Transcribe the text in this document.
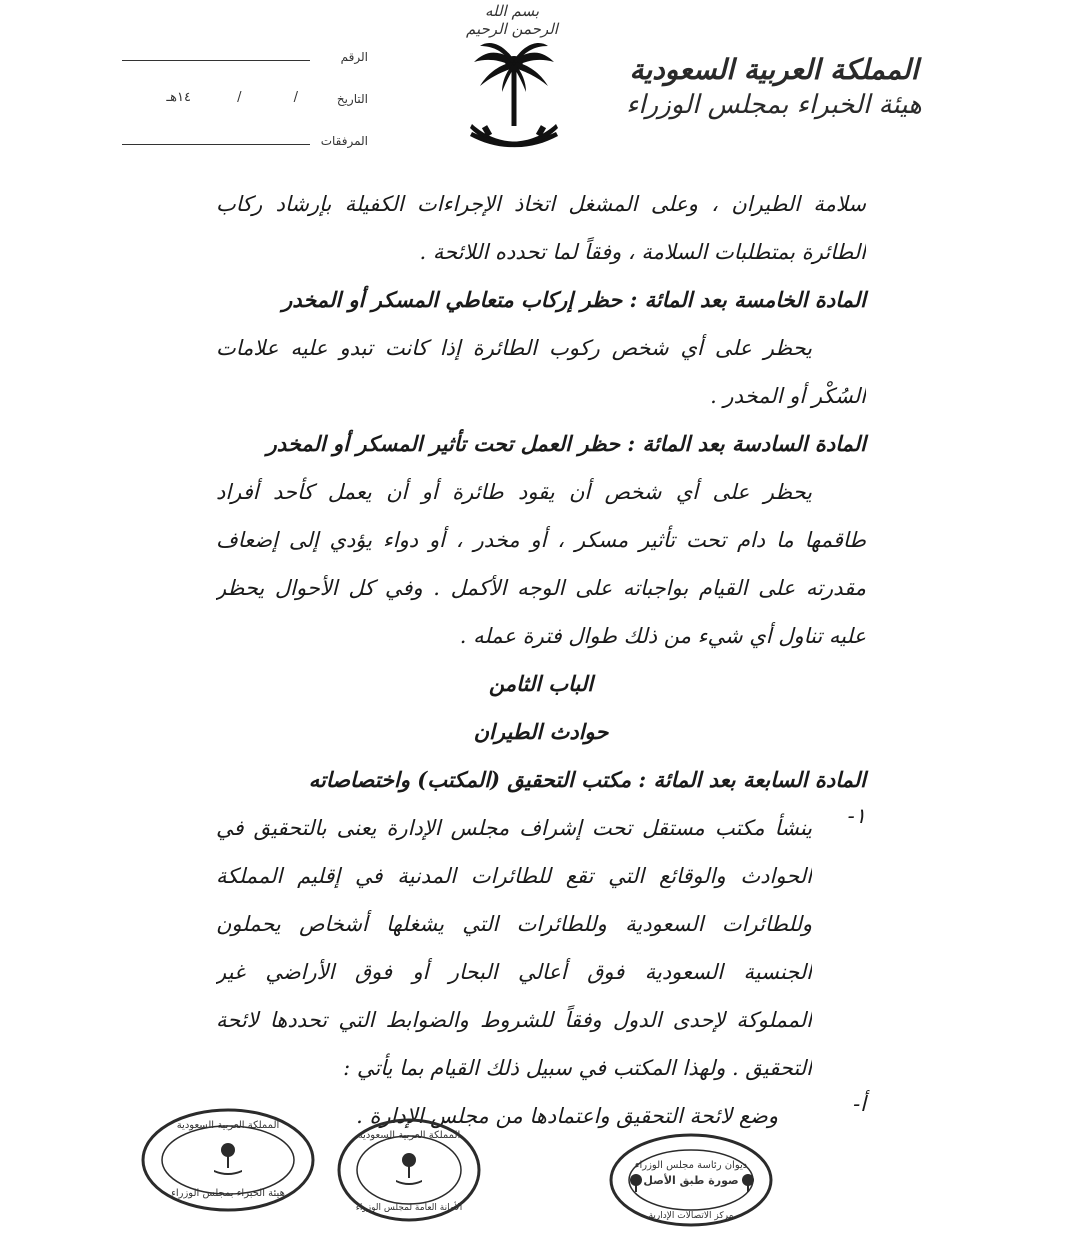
بسم الله الرحمن الرحيم
المملكة العربية السعودية
هيئة الخبراء بمجلس الوزراء
الرقم
التاريخ
/ / ١٤هـ
المرفقات
سلامة الطيران ، وعلى المشغل اتخاذ الإجراءات الكفيلة بإرشاد ركاب
الطائرة بمتطلبات السلامة ، وفقاً لما تحدده اللائحة .
المادة الخامسة بعد المائة : حظر إركاب متعاطي المسكر أو المخدر
يحظر على أي شخص ركوب الطائرة إذا كانت تبدو عليه علامات
السُكْر أو المخدر .
المادة السادسة بعد المائة : حظر العمل تحت تأثير المسكر أو المخدر
يحظر على أي شخص أن يقود طائرة أو أن يعمل كأحد أفراد
طاقمها ما دام تحت تأثير مسكر ، أو مخدر ، أو دواء يؤدي إلى إضعاف
مقدرته على القيام بواجباته على الوجه الأكمل . وفي كل الأحوال يحظر
عليه تناول أي شيء من ذلك طوال فترة عمله .
الباب الثامن
حوادث الطيران
المادة السابعة بعد المائة : مكتب التحقيق (المكتب) واختصاصاته
١-
ينشأ مكتب مستقل تحت إشراف مجلس الإدارة يعنى بالتحقيق في
الحوادث والوقائع التي تقع للطائرات المدنية في إقليم المملكة
وللطائرات السعودية وللطائرات التي يشغلها أشخاص يحملون
الجنسية السعودية فوق أعالي البحار أو فوق الأراضي غير
المملوكة لإحدى الدول وفقاً للشروط والضوابط التي تحددها لائحة
التحقيق . ولهذا المكتب في سبيل ذلك القيام بما يأتي :
أ-
وضع لائحة التحقيق واعتمادها من مجلس الإدارة .
ديوان رئاسة مجلس الوزراء
صورة طبق الأصل
مركز الاتصالات الإدارية
المملكة العربية السعودية
الأمانة العامة لمجلس الوزراء
المملكة العربية السعودية
هيئة الخبراء بمجلس الوزراء
